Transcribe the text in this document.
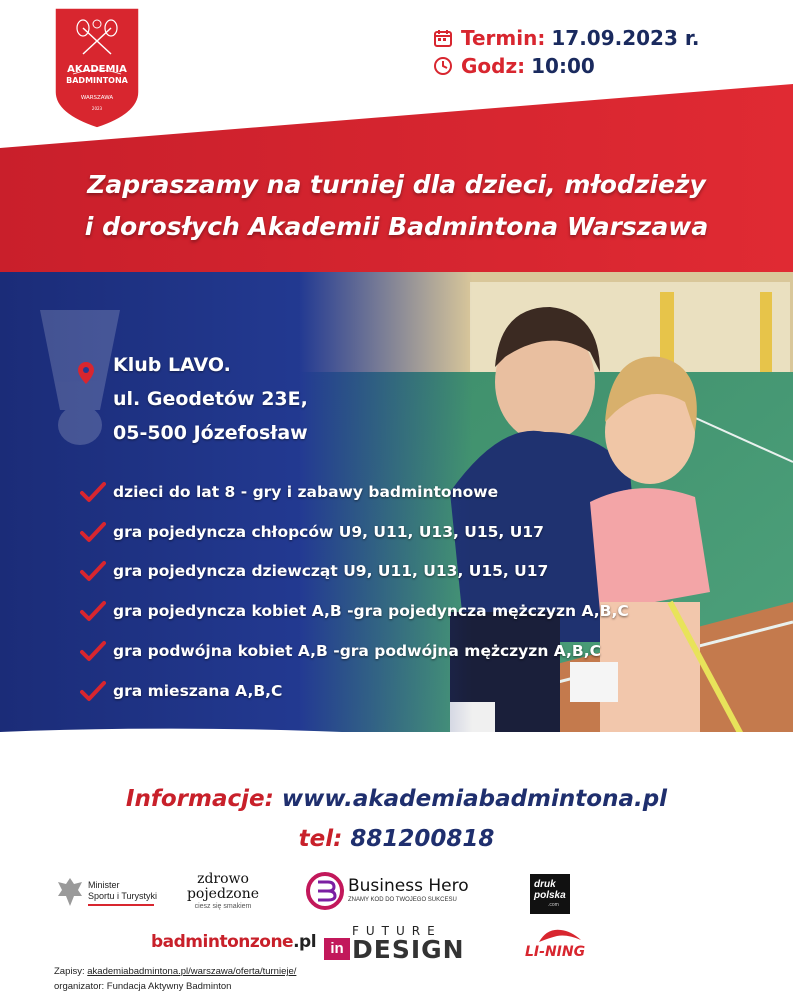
AKADEMIA
BADMINTONA
WARSZAWA
2023
Termin: 17.09.2023 r.
Godz: 10:00
Zapraszamy na turniej dla dzieci, młodzieży
i dorosłych Akademii Badmintona Warszawa
Klub LAVO.
ul. Geodetów 23E,
05-500 Józefosław
dzieci do lat 8 - gry i zabawy badmintonowe
gra pojedyncza chłopców U9, U11, U13, U15, U17
gra pojedyncza dziewcząt U9, U11, U13, U15, U17
gra pojedyncza kobiet A,B -gra pojedyncza mężczyzn A,B,C
gra podwójna kobiet A,B -gra podwójna mężczyzn A,B,C
gra mieszana A,B,C
Informacje: www.akademiabadmintona.pl
tel: 881200818
Minister
Sportu i Turystyki
zdrowo
pojedzone
ciesz się smakiem
Business Hero
ZNAMY KOD DO TWOJEGO SUKCESU
druk
polska
.com
badmintonzone.pl
FUTURE
in DESIGN	LI-NING
Zapisy: akademiabadmintona.pl/warszawa/oferta/turnieje/
organizator: Fundacja Aktywny Badminton
